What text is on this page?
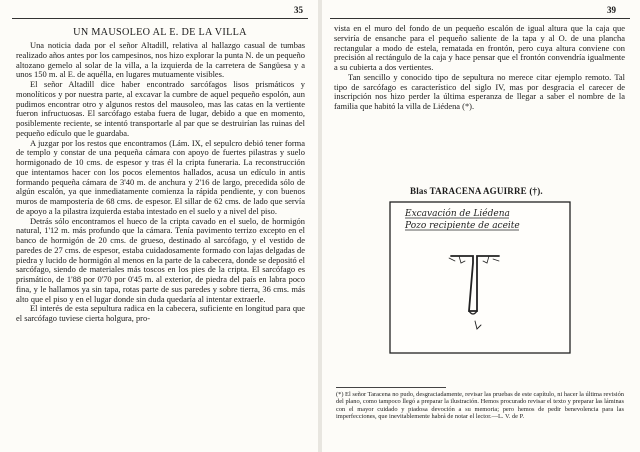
35
UN MAUSOLEO AL E. DE LA VILLA

Una noticia dada por el señor Altadill, relativa al hallazgo casual de tumbas realizado años antes por los campesinos, nos hizo explorar la punta N. de un pequeño altozano gemelo al solar de la villa, a la izquierda de la carretera de Sangüesa y a unos 150 m. al E. de aquélla, en lugares mutuamente visibles.

El señor Altadill dice haber encontrado sarcófagos lisos prismáticos y monolíticos y por nuestra parte, al excavar la cumbre de aquel pequeño espolón, aun pudimos encontrar otro y algunos restos del mausoleo, mas las catas en la vertiente fueron infructuosas. El sarcófago estaba fuera de lugar, debido a que en momento, posiblemente reciente, se intentó transportarle al par que se destruirían las ruinas del pequeño edículo que le guardaba.

A juzgar por los restos que encontramos (Lám. IX, el sepulcro debió tener forma de templo y constar de una pequeña cámara con apoyo de fuertes pilastras y suelo hormigonado de 10 cms. de espesor y tras él la cripta funeraria. La reconstrucción que intentamos hacer con los pocos elementos hallados, acusa un edículo in antis formando pequeña cámara de 3'40 m. de anchura y 2'16 de largo, precedida sólo de algún escalón, ya que inmediatamente comienza la rápida pendiente, y con buenos muros de mampostería de 68 cms. de espesor. El sillar de 62 cms. de lado que servía de apoyo a la pilastra izquierda estaba intestado en el suelo y a nivel del piso.

Detrás sólo encontramos el hueco de la cripta cavado en el suelo, de hormigón natural, 1'12 m. más profundo que la cámara. Tenía pavimento terrizo excepto en el banco de hormigón de 20 cms. de grueso, destinado al sarcófago, y el vestido de paredes de 27 cms. de espesor, estaba cuidadosamente formado con lajas delgadas de piedra y lucido de hormigón al menos en la parte de la cabecera, donde se depositó el sarcófago, siendo de materiales más toscos en los pies de la cripta. El sarcófago es prismático, de 1'88 por 0'70 por 0'45 m. al exterior, de piedra del país en labra poco fina, y le hallamos ya sin tapa, rotas parte de sus paredes y sobre tierra, 36 cms. más alto que el piso y en el lugar donde sin duda quedaría al intentar extraerle.

El interés de esta sepultura radica en la cabecera, suficiente en longitud para que el sarcófago tuviese cierta holgura, pro-

39

vista en el muro del fondo de un pequeño escalón de igual altura que la caja que serviría de ensanche para el pequeño saliente de la tapa y al O. de una plancha rectangular a modo de estela, rematada en frontón, pero cuya altura conviene con precisión al rectángulo de la caja y hace pensar que el frontón convendría igualmente a su cubierta a dos vertientes.

Tan sencillo y conocido tipo de sepultura no merece citar ejemplo remoto. Tal tipo de sarcófago es característico del siglo IV, mas por desgracia el carecer de inscripción nos hizo perder la última esperanza de llegar a saber el nombre de la familia que habitó la villa de Liédena (*).

Blas TARACENA AGUIRRE (†).
Excavación de Liédena
Pozo recipiente de aceite

(*) El señor Taracena no pudo, desgraciadamente, revisar las pruebas de este capítulo, ni hacer la última revisión del plano, como tampoco llegó a preparar la ilustración. Hemos procurado revisar el texto y preparar las láminas con el mayor cuidado y piadosa devoción a su memoria; pero hemos de pedir benevolencia para las imperfecciones, que inevitablemente habrá de notar el lector.—L. V. de P.
